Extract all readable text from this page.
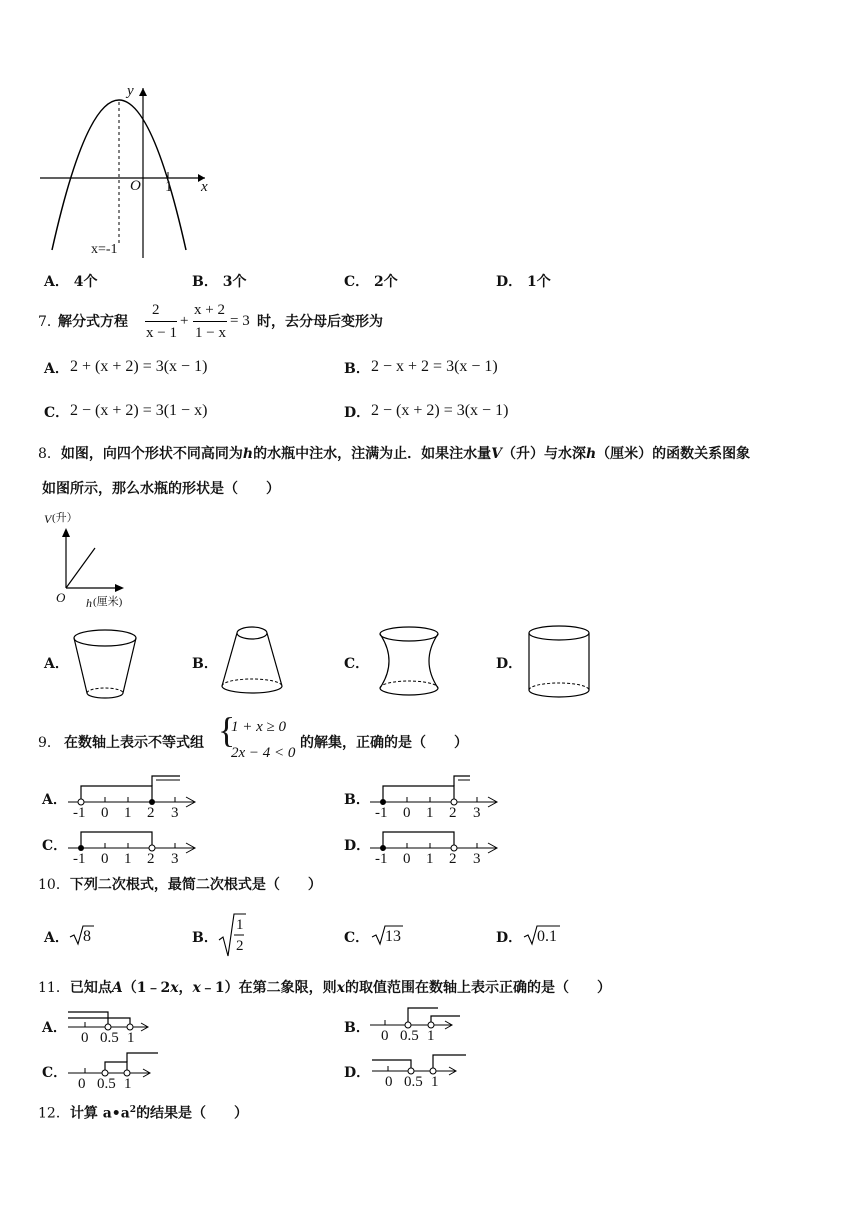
y
x
O 1
x=-1
A． 4个	B． 3个	C． 2个	D． 1个
7．
解分式方程
2
x − 1
+
x + 2
1 − x
= 3 时，去分母后变形为
A． 2 + (x + 2) = 3(x − 1)	B． 2 − x + 2 = 3(x − 1)
C． 2 − (x + 2) = 3(1 − x)	D． 2 − (x + 2) = 3(x − 1)
8．如图，向四个形状不同高同为h的水瓶中注水，注满为止．如果注水量V（升）与水深h（厘米）的函数关系图象
如图所示，那么水瓶的形状是（　　）
V (升）
O h (厘米)
A．	B．	C．	D．
9． 在数轴上表示不等式组 {
1 + x ≥ 0
2x − 4 < 0
的解集，正确的是（　　）
A．
-1 0 1 2 3
B．
-1 0 1 2 3
C．
-1 0 1 2 3
D．
-1 0 1 2 3
10．下列二次根式，最简二次根式是（　　）
A． 8	B．
1
2	C． 13	D． 0.1
11．已知点A（1﹣2x，x﹣1）在第二象限，则x的取值范围在数轴上表示正确的是（　　）
A．
0 0.5 1
B． 0 0.5 1
C．
0 0.5 1
D．
0 0.5 1
12．计算 $a•a^2$的结果是（　　）
